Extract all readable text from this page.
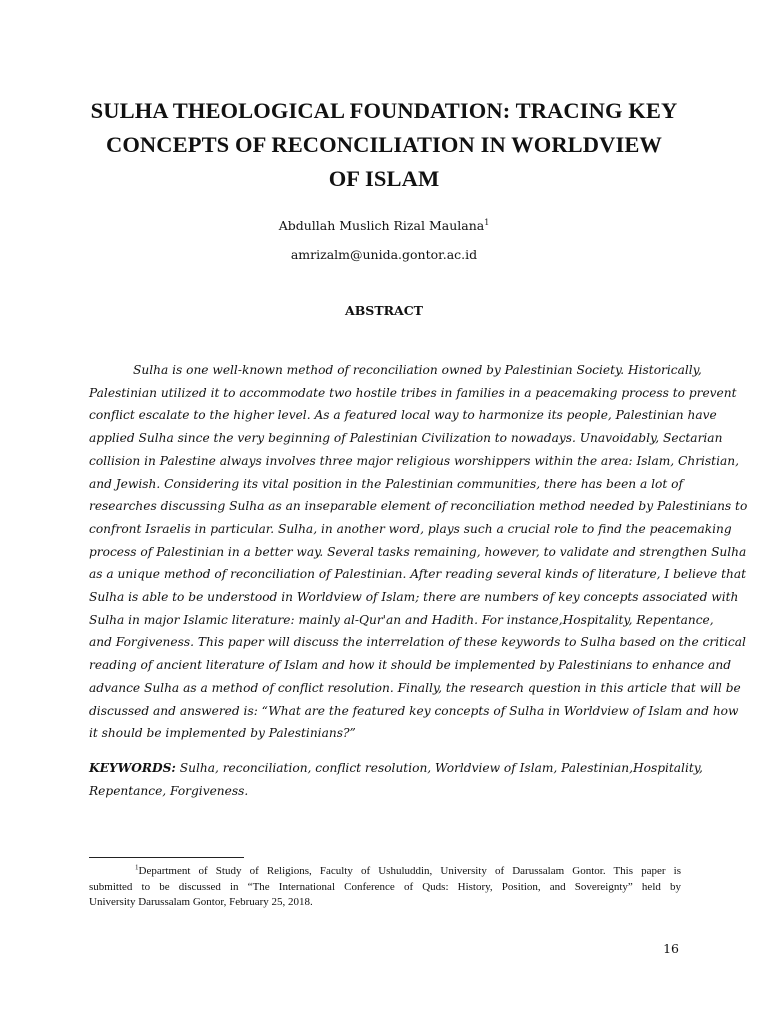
SULHA THEOLOGICAL FOUNDATION: TRACING KEY
CONCEPTS OF RECONCILIATION IN WORLDVIEW
OF ISLAM
Abdullah Muslich Rizal Maulana$^1$
amrizalm@unida.gontor.ac.id
ABSTRACT
Sulha is one well-known method of reconciliation owned by Palestinian Society. Historically,
Palestinian utilized it to accommodate two hostile tribes in families in a peacemaking process to prevent
conflict escalate to the higher level. As a featured local way to harmonize its people, Palestinian have
applied Sulha since the very beginning of Palestinian Civilization to nowadays. Unavoidably, Sectarian
collision in Palestine always involves three major religious worshippers within the area: Islam, Christian,
and Jewish. Considering its vital position in the Palestinian communities, there has been a lot of
researches discussing Sulha as an inseparable element of reconciliation method needed by Palestinians to
confront Israelis in particular. Sulha, in another word, plays such a crucial role to find the peacemaking
process of Palestinian in a better way. Several tasks remaining, however, to validate and strengthen Sulha
as a unique method of reconciliation of Palestinian. After reading several kinds of literature, I believe that
Sulha is able to be understood in Worldview of Islam; there are numbers of key concepts associated with
Sulha in major Islamic literature: mainly al-Qur'an and Hadith. For instance,Hospitality, Repentance,
and Forgiveness. This paper will discuss the interrelation of these keywords to Sulha based on the critical
reading of ancient literature of Islam and how it should be implemented by Palestinians to enhance and
advance Sulha as a method of conflict resolution. Finally, the research question in this article that will be
discussed and answered is: “What are the featured key concepts of Sulha in Worldview of Islam and how
it should be implemented by Palestinians?”
KEYWORDS: Sulha, reconciliation, conflict resolution, Worldview of Islam, Palestinian,Hospitality,
Repentance, Forgiveness.
$^1$Department of Study of Religions, Faculty of Ushuluddin, University of Darussalam Gontor. This paper is
submitted to be discussed in “The International Conference of Quds: History, Position, and Sovereignty” held by
University Darussalam Gontor, February 25, 2018.
16
